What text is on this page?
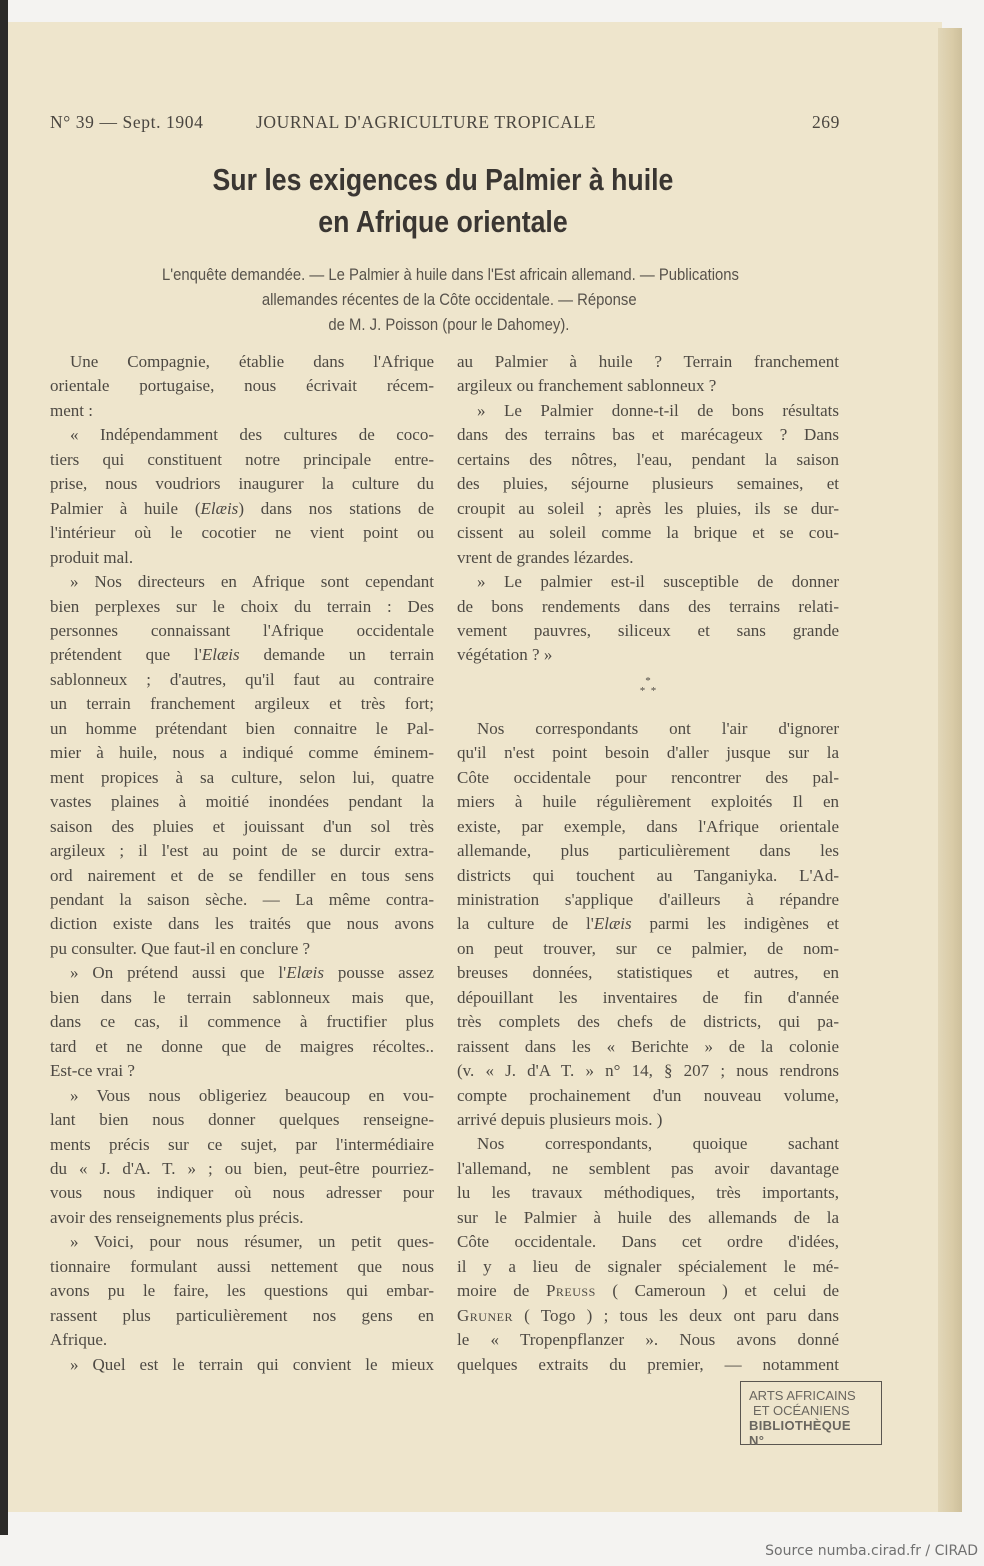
N° 39 — Sept. 1904	JOURNAL D'AGRICULTURE TROPICALE	269
Sur les exigences du Palmier à huile
en Afrique orientale
L'enquête demandée. — Le Palmier à huile dans l'Est africain allemand. — Publications
allemandes récentes de la Côte occidentale. — Réponse
de M. J. Poisson (pour le Dahomey).
Une Compagnie, établie dans l'Afrique
orientale portugaise, nous écrivait récem-
ment :
« Indépendamment des cultures de coco-
tiers qui constituent notre principale entre-
prise, nous voudriors inaugurer la culture du
Palmier à huile (Elæis) dans nos stations de
l'intérieur où le cocotier ne vient point ou
produit mal.
» Nos directeurs en Afrique sont cependant
bien perplexes sur le choix du terrain : Des
personnes connaissant l'Afrique occidentale
prétendent que l'Elæis demande un terrain
sablonneux ; d'autres, qu'il faut au contraire
un terrain franchement argileux et très fort;
un homme prétendant bien connaitre le Pal-
mier à huile, nous a indiqué comme éminem-
ment propices à sa culture, selon lui, quatre
vastes plaines à moitié inondées pendant la
saison des pluies et jouissant d'un sol très
argileux ; il l'est au point de se durcir extra-
ord nairement et de se fendiller en tous sens
pendant la saison sèche. — La même contra-
diction existe dans les traités que nous avons
pu consulter. Que faut-il en conclure ?
» On prétend aussi que l'Elæis pousse assez
bien dans le terrain sablonneux mais que,
dans ce cas, il commence à fructifier plus
tard et ne donne que de maigres récoltes..
Est-ce vrai ?
» Vous nous obligeriez beaucoup en vou-
lant bien nous donner quelques renseigne-
ments précis sur ce sujet, par l'intermédiaire
du « J. d'A. T. » ; ou bien, peut-être pourriez-
vous nous indiquer où nous adresser pour
avoir des renseignements plus précis.
» Voici, pour nous résumer, un petit ques-
tionnaire formulant aussi nettement que nous
avons pu le faire, les questions qui embar-
rassent plus particulièrement nos gens en
Afrique.
» Quel est le terrain qui convient le mieux
au Palmier à huile ? Terrain franchement
argileux ou franchement sablonneux ?
» Le Palmier donne-t-il de bons résultats
dans des terrains bas et marécageux ? Dans
certains des nôtres, l'eau, pendant la saison
des pluies, séjourne plusieurs semaines, et
croupit au soleil ; après les pluies, ils se dur-
cissent au soleil comme la brique et se cou-
vrent de grandes lézardes.
» Le palmier est-il susceptible de donner
de bons rendements dans des terrains relati-
vement pauvres, siliceux et sans grande
végétation ? »
*
*  *
Nos correspondants ont l'air d'ignorer
qu'il n'est point besoin d'aller jusque sur la
Côte occidentale pour rencontrer des pal-
miers à huile régulièrement exploités Il en
existe, par exemple, dans l'Afrique orientale
allemande, plus particulièrement dans les
districts qui touchent au Tanganiyka. L'Ad-
ministration s'applique d'ailleurs à répandre
la culture de l'Elæis parmi les indigènes et
on peut trouver, sur ce palmier, de nom-
breuses données, statistiques et autres, en
dépouillant les inventaires de fin d'année
très complets des chefs de districts, qui pa-
raissent dans les « Berichte » de la colonie
(v. « J. d'A T. » n° 14, § 207 ; nous rendrons
compte prochainement d'un nouveau volume,
arrivé depuis plusieurs mois. )
Nos correspondants, quoique sachant
l'allemand, ne semblent pas avoir davantage
lu les travaux méthodiques, très importants,
sur le Palmier à huile des allemands de la
Côte occidentale. Dans cet ordre d'idées,
il y a lieu de signaler spécialement le mé-
moire de Preuss ( Cameroun ) et celui de
Gruner ( Togo ) ; tous les deux ont paru dans
le « Tropenpflanzer ». Nous avons donné
quelques extraits du premier, — notamment
ARTS AFRICAINS
ET OCÉANIENS
BIBLIOTHÈQUE
N°
Source numba.cirad.fr / CIRAD
